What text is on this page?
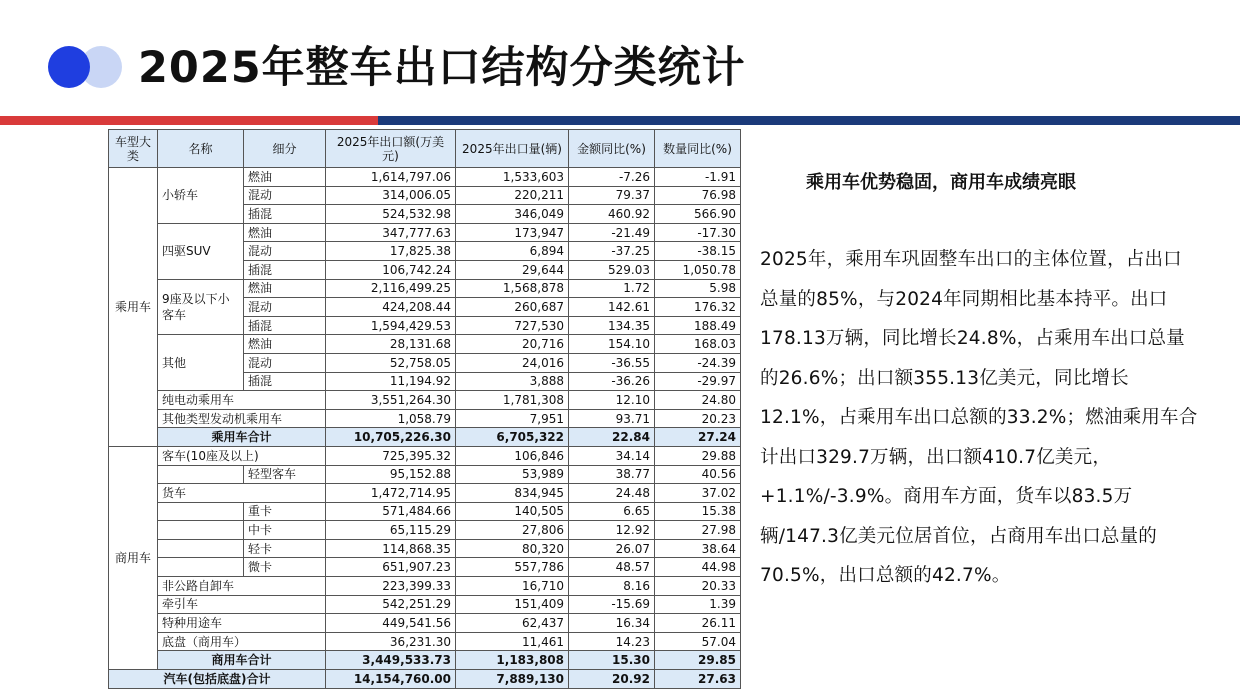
2025年整车出口结构分类统计
车型大类	名称	细分	2025年出口额(万美元)	2025年出口量(辆)	金额同比(%)	数量同比(%)
乘用车	小轿车	燃油	1,614,797.06	1,533,603	-7.26	-1.91
		混动	314,006.05	220,211	79.37	76.98
		插混	524,532.98	346,049	460.92	566.90
	四驱SUV	燃油	347,777.63	173,947	-21.49	-17.30
		混动	17,825.38	6,894	-37.25	-38.15
		插混	106,742.24	29,644	529.03	1,050.78
	9座及以下小客车	燃油	2,116,499.25	1,568,878	1.72	5.98
		混动	424,208.44	260,687	142.61	176.32
		插混	1,594,429.53	727,530	134.35	188.49
	其他	燃油	28,131.68	20,716	154.10	168.03
		混动	52,758.05	24,016	-36.55	-24.39
		插混	11,194.92	3,888	-36.26	-29.97
	纯电动乘用车		3,551,264.30	1,781,308	12.10	24.80
	其他类型发动机乘用车		1,058.79	7,951	93.71	20.23
	乘用车合计		10,705,226.30	6,705,322	22.84	27.24
商用车	客车(10座及以上)		725,395.32	106,846	34.14	29.88
		轻型客车	95,152.88	53,989	38.77	40.56
	货车		1,472,714.95	834,945	24.48	37.02
		重卡	571,484.66	140,505	6.65	15.38
		中卡	65,115.29	27,806	12.92	27.98
		轻卡	114,868.35	80,320	26.07	38.64
		微卡	651,907.23	557,786	48.57	44.98
	非公路自卸车		223,399.33	16,710	8.16	20.33
	牵引车		542,251.29	151,409	-15.69	1.39
	特种用途车		449,541.56	62,437	16.34	26.11
	底盘（商用车）		36,231.30	11,461	14.23	57.04
	商用车合计		3,449,533.73	1,183,808	15.30	29.85
汽车(包括底盘)合计			14,154,760.00	7,889,130	20.92	27.63
乘用车优势稳固，商用车成绩亮眼
2025年，乘用车巩固整车出口的主体位置，占出口总量的85%，与2024年同期相比基本持平。出口178.13万辆，同比增长24.8%，占乘用车出口总量的26.6%；出口额355.13亿美元，同比增长12.1%，占乘用车出口总额的33.2%；燃油乘用车合计出口329.7万辆，出口额410.7亿美元，+1.1%/-3.9%。商用车方面，货车以83.5万辆/147.3亿美元位居首位，占商用车出口总量的70.5%，出口总额的42.7%。
